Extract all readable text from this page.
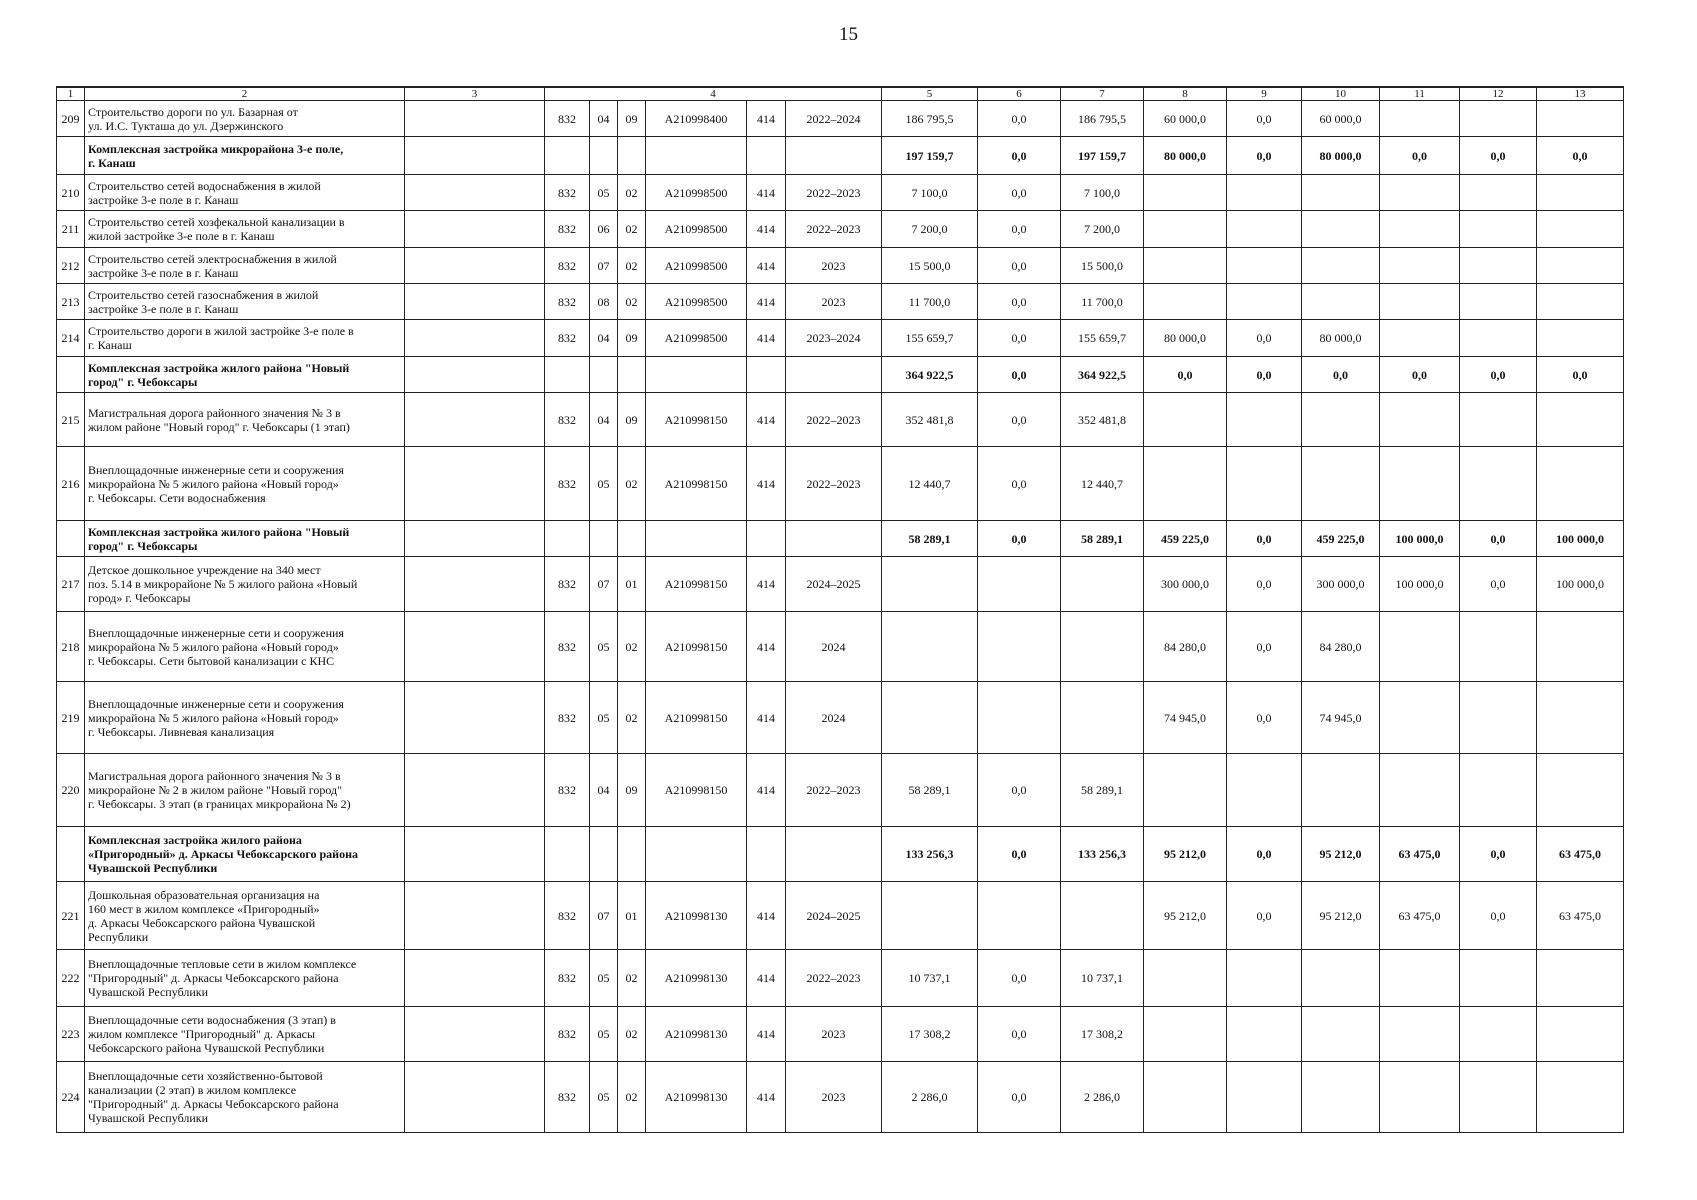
15
1	2	3	4						5	6	7	8	9	10	11	12	13	
209	Строительство дороги по ул. Базарная от
ул. И.С. Тукташа до ул. Дзержинского		832	04	09	А210998400	414	2022–2024	186 795,5	0,0	186 795,5	60 000,0	0,0	60 000,0				
	Комплексная застройка микрорайона 3-е поле,
г. Канаш								197 159,7	0,0	197 159,7	80 000,0	0,0	80 000,0	0,0	0,0	0,0	
210	Строительство сетей водоснабжения в жилой
застройке 3-е поле в г. Канаш		832	05	02	А210998500	414	2022–2023	7 100,0	0,0	7 100,0							
211	Строительство сетей хозфекальной канализации в
жилой застройке 3-е поле в г. Канаш		832	06	02	А210998500	414	2022–2023	7 200,0	0,0	7 200,0							
212	Строительство сетей электроснабжения в жилой
застройке 3-е поле в г. Канаш		832	07	02	А210998500	414	2023	15 500,0	0,0	15 500,0							
213	Строительство сетей газоснабжения в жилой
застройке 3-е поле в г. Канаш		832	08	02	А210998500	414	2023	11 700,0	0,0	11 700,0							
214	Строительство дороги в жилой застройке 3-е поле в
г. Канаш		832	04	09	А210998500	414	2023–2024	155 659,7	0,0	155 659,7	80 000,0	0,0	80 000,0				
	Комплексная застройка жилого района "Новый
город" г. Чебоксары								364 922,5	0,0	364 922,5	0,0	0,0	0,0	0,0	0,0	0,0	
215	Магистральная дорога районного значения № 3 в
жилом районе "Новый город" г. Чебоксары (1 этап)		832	04	09	А210998150	414	2022–2023	352 481,8	0,0	352 481,8							
216	Внеплощадочные инженерные сети и сооружения
микрорайона № 5 жилого района «Новый город»
г. Чебоксары. Сети водоснабжения		832	05	02	А210998150	414	2022–2023	12 440,7	0,0	12 440,7							
	Комплексная застройка жилого района "Новый
город" г. Чебоксары								58 289,1	0,0	58 289,1	459 225,0	0,0	459 225,0	100 000,0	0,0	100 000,0	
217	Детское дошкольное учреждение на 340 мест
поз. 5.14 в микрорайоне № 5 жилого района «Новый
город» г. Чебоксары		832	07	01	А210998150	414	2024–2025				300 000,0	0,0	300 000,0	100 000,0	0,0	100 000,0	
218	Внеплощадочные инженерные сети и сооружения
микрорайона № 5 жилого района «Новый город»
г. Чебоксары. Сети бытовой канализации с КНС		832	05	02	А210998150	414	2024				84 280,0	0,0	84 280,0				
219	Внеплощадочные инженерные сети и сооружения
микрорайона № 5 жилого района «Новый город»
г. Чебоксары. Ливневая канализация		832	05	02	А210998150	414	2024				74 945,0	0,0	74 945,0				
220	Магистральная дорога районного значения № 3 в
микрорайоне № 2 в жилом районе "Новый город"
г. Чебоксары. 3 этап (в границах микрорайона № 2)		832	04	09	А210998150	414	2022–2023	58 289,1	0,0	58 289,1							
	Комплексная застройка жилого района
«Пригородный» д. Аркасы Чебоксарского района
Чувашской Республики								133 256,3	0,0	133 256,3	95 212,0	0,0	95 212,0	63 475,0	0,0	63 475,0	
221	Дошкольная образовательная организация на
160 мест в жилом комплексе «Пригородный»
д. Аркасы Чебоксарского района Чувашской
Республики		832	07	01	А210998130	414	2024–2025				95 212,0	0,0	95 212,0	63 475,0	0,0	63 475,0	
222	Внеплощадочные тепловые сети в жилом комплексе
"Пригородный" д. Аркасы Чебоксарского района
Чувашской Республики		832	05	02	А210998130	414	2022–2023	10 737,1	0,0	10 737,1							
223	Внеплощадочные сети водоснабжения (3 этап) в
жилом комплексе "Пригородный" д. Аркасы
Чебоксарского района Чувашской Республики		832	05	02	А210998130	414	2023	17 308,2	0,0	17 308,2							
224	Внеплощадочные сети хозяйственно-бытовой
канализации (2 этап) в жилом комплексе
"Пригородный" д. Аркасы Чебоксарского района
Чувашской Республики		832	05	02	А210998130	414	2023	2 286,0	0,0	2 286,0							
